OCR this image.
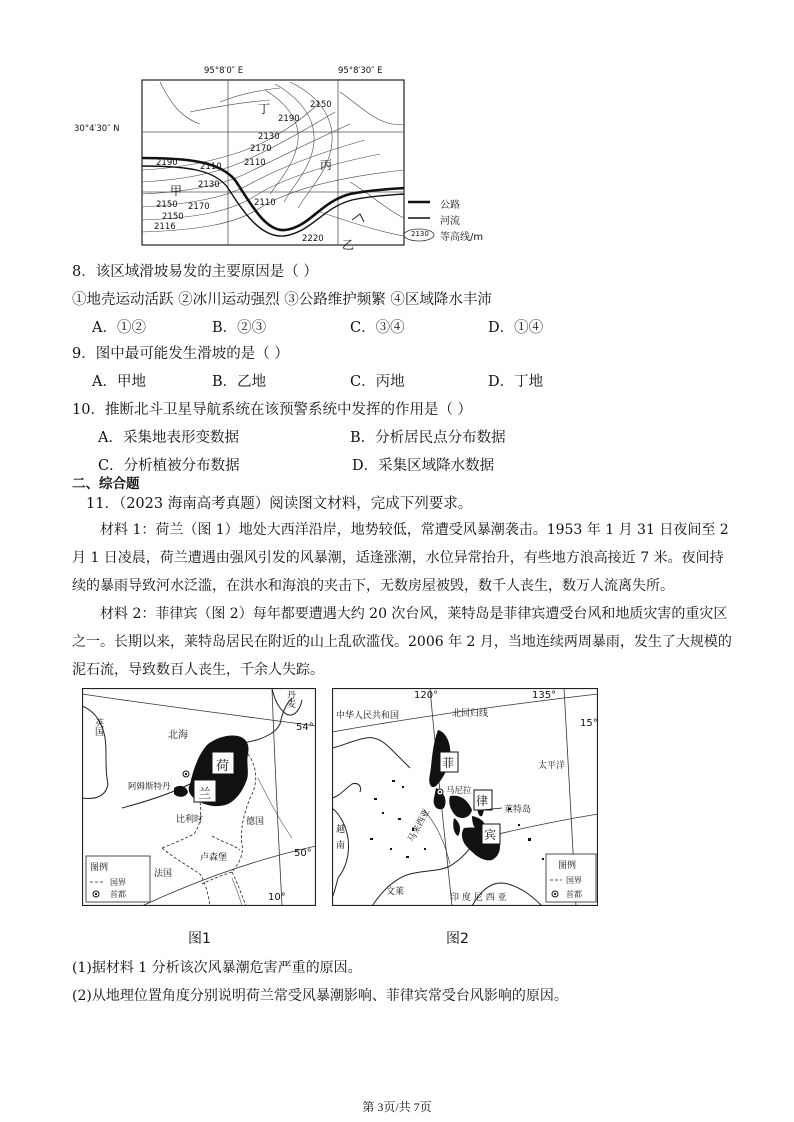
95°8′0″ E	95°8′30″ E
30°4′30″ N
2150
2190
2130
2170
2110
2190	2110
2130
2150
2220
2110
2150
2170
2116
甲
乙
丙
丁
公路
河流
2130 等高线/m
8．该区域滑坡易发的主要原因是（ ）
①地壳运动活跃 ②冰川运动强烈 ③公路维护频繁 ④区域降水丰沛
A．①②	B．②③	C．③④	D．①④
9．图中最可能发生滑坡的是（ ）
A．甲地	B．乙地	C．丙地	D．丁地
10．推断北斗卫星导航系统在该预警系统中发挥的作用是（ ）
A．采集地表形变数据	B．分析居民点分布数据
C．分析植被分布数据	D．采集区域降水数据
二、综合题
11．（2023 海南高考真题）阅读图文材料，完成下列要求。
材料 1：荷兰（图 1）地处大西洋沿岸，地势较低，常遭受风暴潮袭击。1953 年 1 月 31 日夜间至 2
月 1 日凌晨，荷兰遭遇由强风引发的风暴潮，适逢涨潮，水位异常抬升，有些地方浪高接近 7 米。夜间持
续的暴雨导致河水泛滥，在洪水和海浪的夹击下，无数房屋被毁，数千人丧生，数万人流离失所。
材料 2：菲律宾（图 2）每年都要遭遇大约 20 次台风，莱特岛是菲律宾遭受台风和地质灾害的重灾区
之一。长期以来，莱特岛居民在附近的山上乱砍滥伐。2006 年 2 月，当地连续两周暴雨，发生了大规模的
泥石流，导致数百人丧生，千余人失踪。
英国	北海
丹麦
54°
荷
兰
阿姆斯特丹
比利时	德国
卢森堡
法国
50°
10°
图例
国界
首都
图1
120°	135°
15°
中华人民共和国	北回归线
太平洋
菲
马尼拉
律
莱特岛
宾
越
南
马来西亚
文莱
印 度 尼 西 亚
图例
国界
首都
图2
(1)据材料 1 分析该次风暴潮危害严重的原因。
(2)从地理位置角度分别说明荷兰常受风暴潮影响、菲律宾常受台风影响的原因。
第 3页/共 7页
